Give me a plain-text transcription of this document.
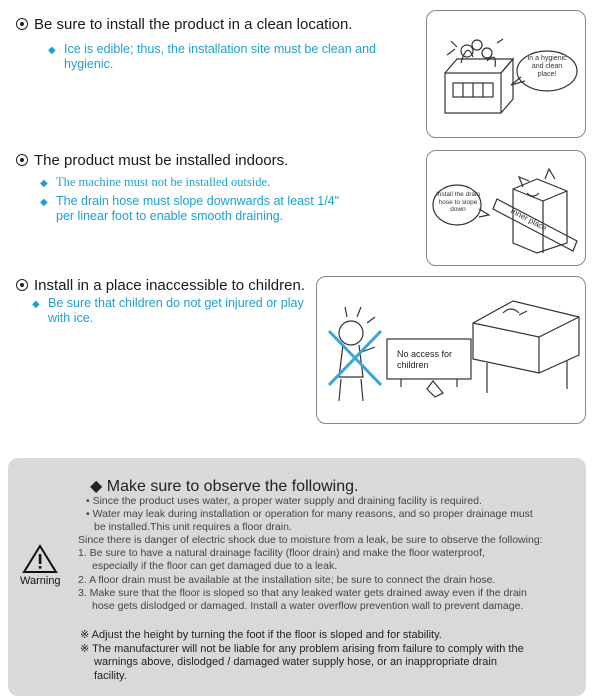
Be sure to install the product in a clean location.
◆ Ice is edible; thus, the installation site must be clean and hygienic.	In a hygienic and clean place!
The product must be installed indoors.
◆ The machine must not be installed outside.
◆ The drain hose must slope downwards at least 1/4" per linear foot to enable smooth draining.
Install the drain hose to slope down	Inner place
Install in a place inaccessible to children.
◆ Be sure that children do not get injured or play with ice.
No access for children
Warning
◆ Make sure to observe the following.
• Since the product uses water, a proper water supply and draining facility is required.
• Water may leak during installation or operation for many reasons, and so proper drainage must
be installed.This unit requires a floor drain.
Since there is danger of electric shock due to moisture from a leak, be sure to observe the following:
1. Be sure to have a natural drainage facility (floor drain) and make the floor waterproof,
especially if the floor can get damaged due to a leak.
2. A floor drain must be available at the installation site; be sure to connect the drain hose.
3. Make sure that the floor is sloped so that any leaked water gets drained away even if the drain
hose gets dislodged or damaged. Install a water overflow prevention wall to prevent damage.
※ Adjust the height by turning the foot if the floor is sloped and for stability.
※ The manufacturer will not be liable for any problem arising from failure to comply with the
warnings above, dislodged / damaged water supply hose, or an inappropriate drain
facility.
